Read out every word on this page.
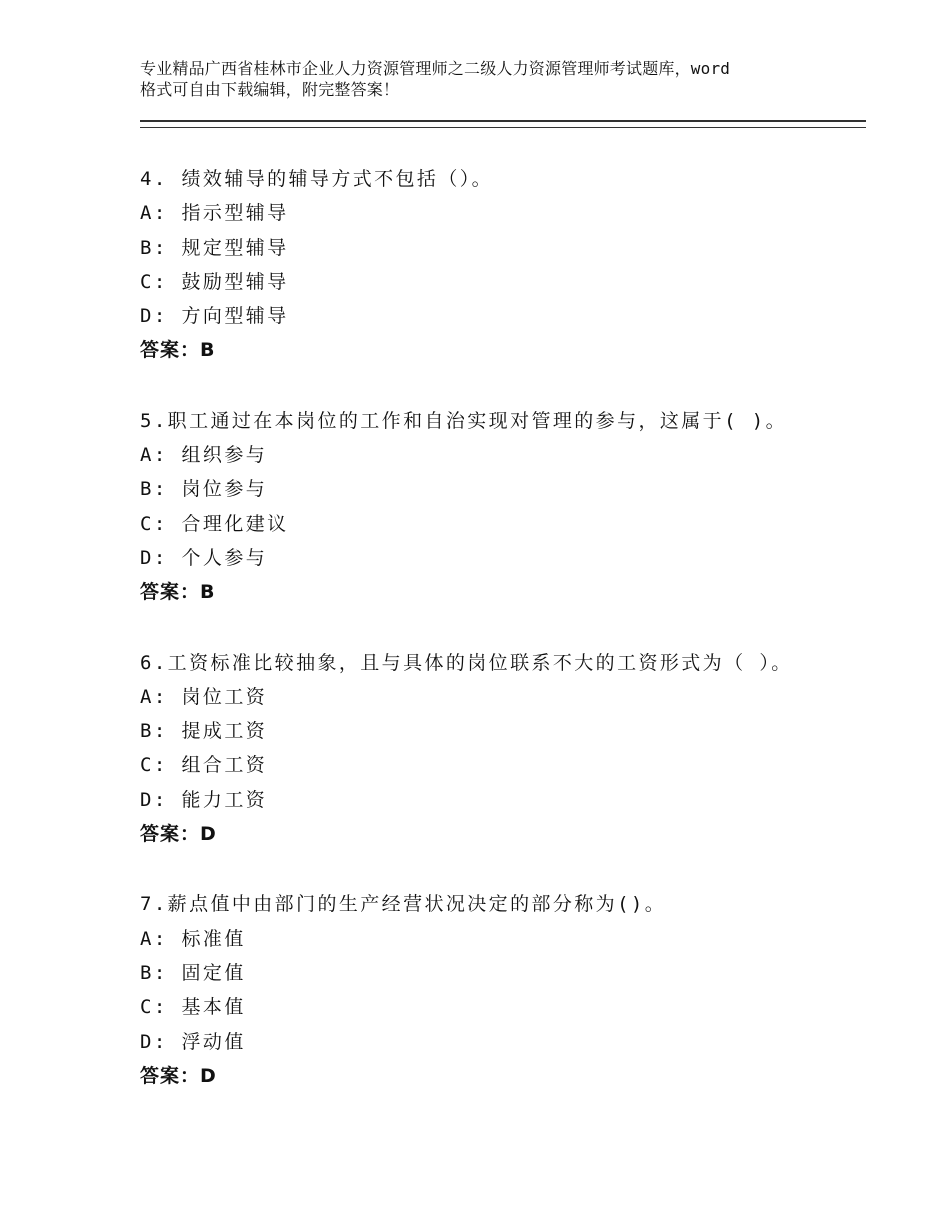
专业精品广西省桂林市企业人力资源管理师之二级人力资源管理师考试题库，word
格式可自由下载编辑，附完整答案！
4. 绩效辅导的辅导方式不包括（）。
A: 指示型辅导
B: 规定型辅导
C: 鼓励型辅导
D: 方向型辅导
答案：B
5.职工通过在本岗位的工作和自治实现对管理的参与，这属于( )。
A: 组织参与
B: 岗位参与
C: 合理化建议
D: 个人参与
答案：B
6.工资标准比较抽象，且与具体的岗位联系不大的工资形式为（ ）。
A: 岗位工资
B: 提成工资
C: 组合工资
D: 能力工资
答案：D
7.薪点值中由部门的生产经营状况决定的部分称为()。
A: 标准值
B: 固定值
C: 基本值
D: 浮动值
答案：D
